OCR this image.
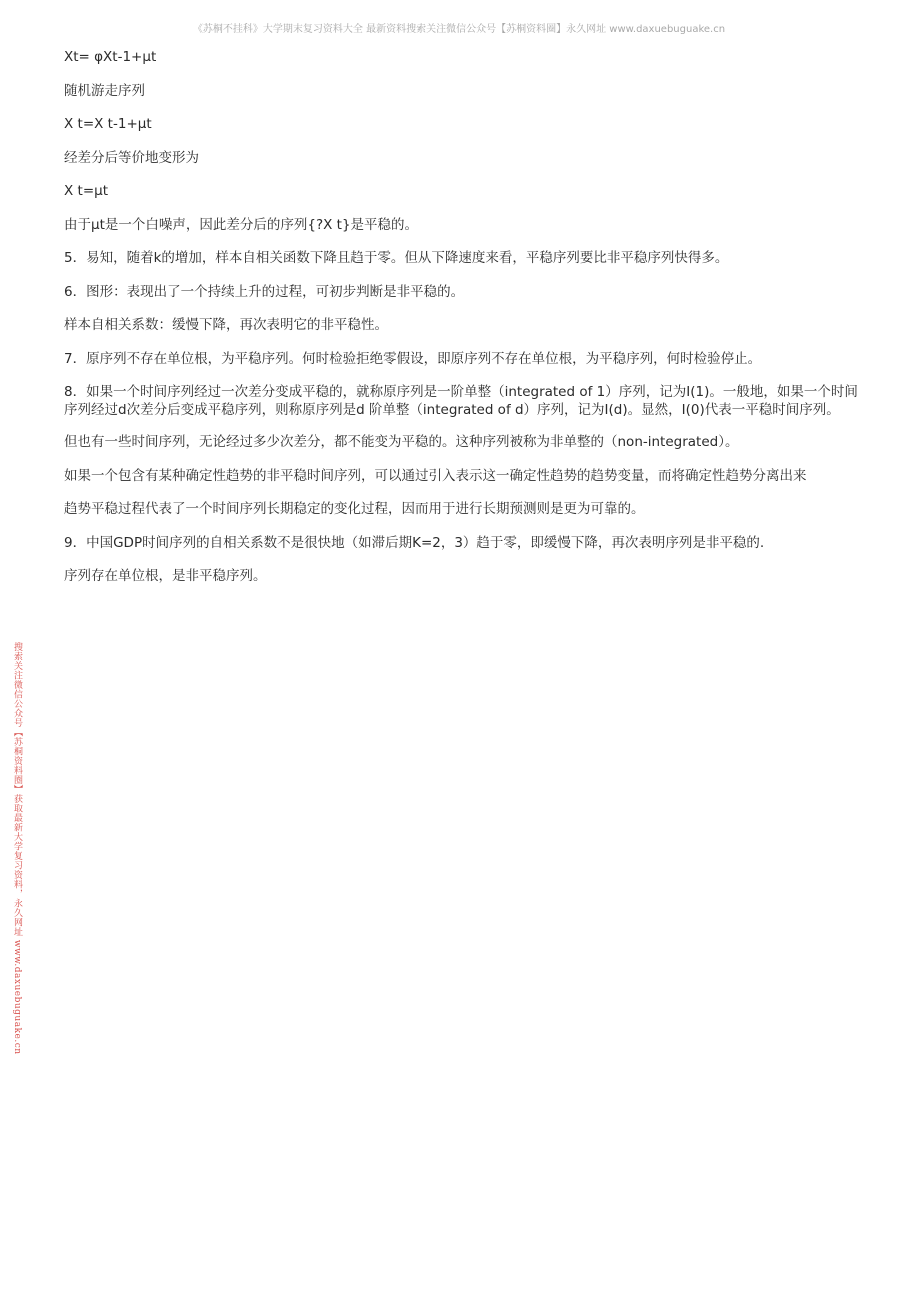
《苏桐不挂科》大学期末复习资料大全 最新资料搜索关注微信公众号【苏桐资料圈】永久网址 www.daxuebuguake.cn

Xt= φXt-1+μt

随机游走序列

X t=X t-1+μt

经差分后等价地变形为

X t=μt

由于μt是一个白噪声，因此差分后的序列{?X t}是平稳的。

5．易知，随着k的增加，样本自相关函数下降且趋于零。但从下降速度来看，平稳序列要比非平稳序列快得多。

6．图形：表现出了一个持续上升的过程，可初步判断是非平稳的。

样本自相关系数：缓慢下降，再次表明它的非平稳性。

7．原序列不存在单位根，为平稳序列。何时检验拒绝零假设，即原序列不存在单位根，为平稳序列，何时检验停止。

8．如果一个时间序列经过一次差分变成平稳的，就称原序列是一阶单整（integrated of 1）序列，记为I(1)。一般地，如果一个时间序列经过d次差分后变成平稳序列，则称原序列是d 阶单整（integrated of d）序列，记为I(d)。显然，I(0)代表一平稳时间序列。

但也有一些时间序列，无论经过多少次差分，都不能变为平稳的。这种序列被称为非单整的（non-integrated）。

如果一个包含有某种确定性趋势的非平稳时间序列，可以通过引入表示这一确定性趋势的趋势变量，而将确定性趋势分离出来

趋势平稳过程代表了一个时间序列长期稳定的变化过程，因而用于进行长期预测则是更为可靠的。

9．中国GDP时间序列的自相关系数不是很快地（如滞后期K=2，3）趋于零，即缓慢下降，再次表明序列是非平稳的.

序列存在单位根，是非平稳序列。

搜索关注微信公众号【苏桐资料圈】获取最新大学复习资料，永久网址 www.daxuebuguake.cn
